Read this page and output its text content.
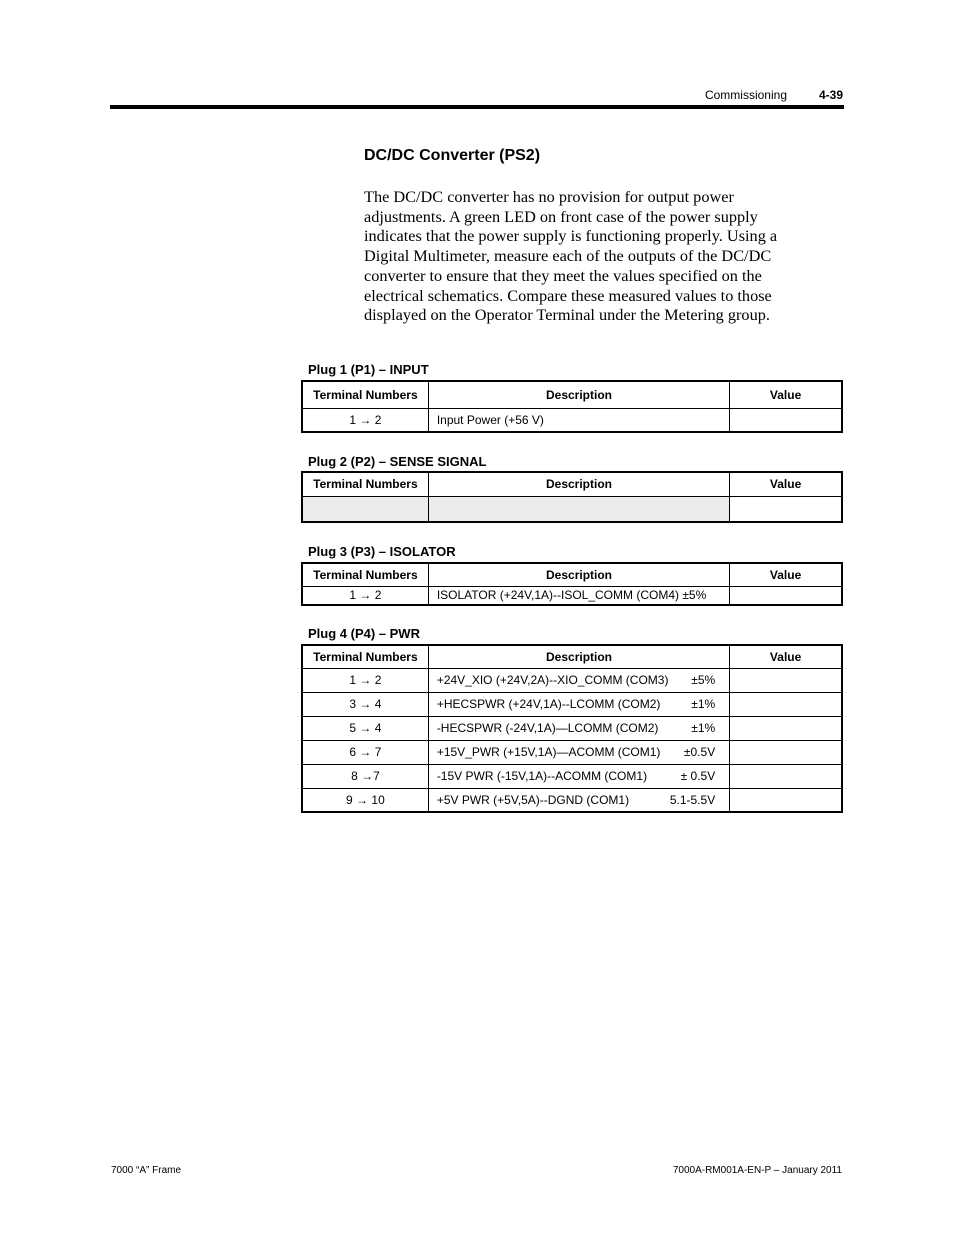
Commissioning	4-39
DC/DC Converter (PS2)
The DC/DC converter has no provision for output power adjustments. A green LED on front case of the power supply indicates that the power supply is functioning properly. Using a Digital Multimeter, measure each of the outputs of the DC/DC converter to ensure that they meet the values specified on the electrical schematics. Compare these measured values to those displayed on the Operator Terminal under the Metering group.
Plug 1 (P1) – INPUT
Terminal Numbers	Description	Value
1 → 2	Input Power (+56 V)	
Plug 2 (P2) – SENSE SIGNAL
Terminal Numbers	Description	Value

Plug 3 (P3) – ISOLATOR
Terminal Numbers	Description	Value
1 → 2	ISOLATOR (+24V,1A)--ISOL_COMM (COM4) ±5%	
Plug 4 (P4) – PWR
Terminal Numbers	Description	Value
1 → 2	+24V_XIO (+24V,2A)--XIO_COMM (COM3) ±5%	

3 → 4	+HECSPWR (+24V,1A)--LCOMM (COM2) ±1%	

5 → 4	-HECSPWR (-24V,1A)—LCOMM (COM2) ±1%	

6 → 7	+15V_PWR (+15V,1A)—ACOMM (COM1) ±0.5V	

8 →7	-15V PWR (-15V,1A)--ACOMM (COM1) ± 0.5V	

9 → 10	+5V PWR (+5V,5A)--DGND (COM1) 5.1-5.5V	

7000 “A” Frame	7000A-RM001A-EN-P – January 2011
